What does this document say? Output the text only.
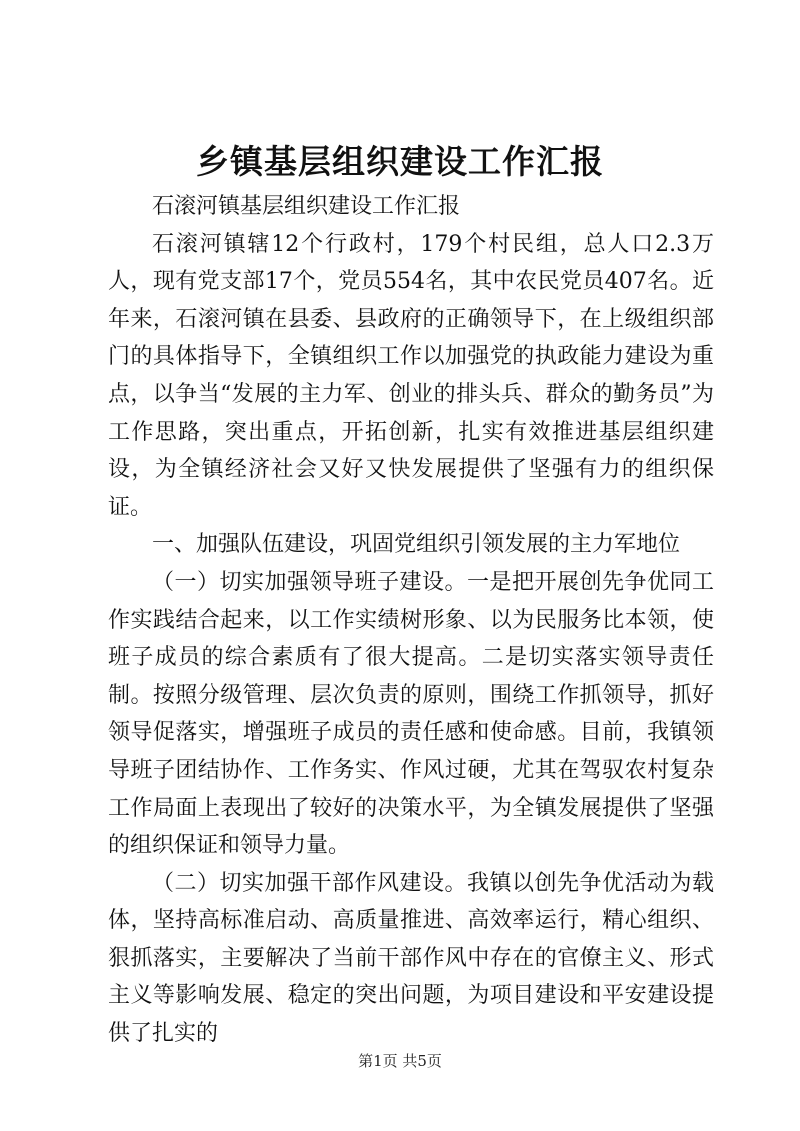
乡镇基层组织建设工作汇报

石滚河镇基层组织建设工作汇报

石滚河镇辖12个行政村，179个村民组，总人口2.3万人，现有党支部17个，党员554名，其中农民党员407名。近年来，石滚河镇在县委、县政府的正确领导下，在上级组织部门的具体指导下，全镇组织工作以加强党的执政能力建设为重点，以争当“发展的主力军、创业的排头兵、群众的勤务员”为工作思路，突出重点，开拓创新，扎实有效推进基层组织建设，为全镇经济社会又好又快发展提供了坚强有力的组织保证。

一、加强队伍建设，巩固党组织引领发展的主力军地位

（一）切实加强领导班子建设。一是把开展创先争优同工作实践结合起来，以工作实绩树形象、以为民服务比本领，使班子成员的综合素质有了很大提高。二是切实落实领导责任制。按照分级管理、层次负责的原则，围绕工作抓领导，抓好领导促落实，增强班子成员的责任感和使命感。目前，我镇领导班子团结协作、工作务实、作风过硬，尤其在驾驭农村复杂工作局面上表现出了较好的决策水平，为全镇发展提供了坚强的组织保证和领导力量。

（二）切实加强干部作风建设。我镇以创先争优活动为载体，坚持高标准启动、高质量推进、高效率运行，精心组织、狠抓落实，主要解决了当前干部作风中存在的官僚主义、形式主义等影响发展、稳定的突出问题，为项目建设和平安建设提供了扎实的

第1页 共5页
